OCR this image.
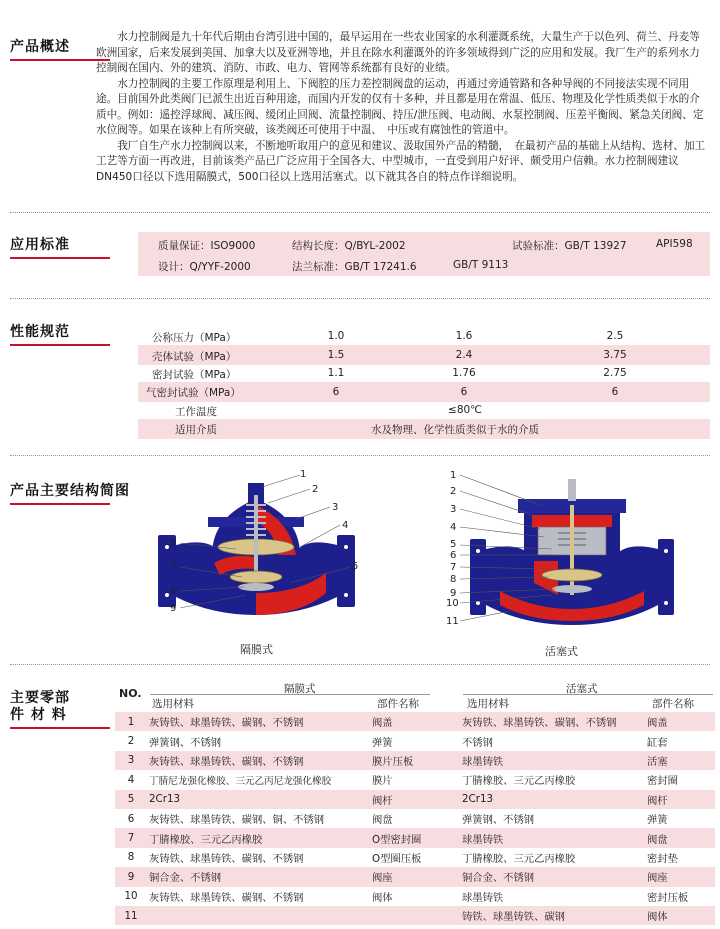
产品概述

水力控制阀是九十年代后期由台湾引进中国的，最早运用在一些农业国家的水利灌溉系统，大量生产于以色列、荷兰、丹麦等欧洲国家，后来发展到美国、加拿大以及亚洲等地，并且在除水利灌溉外的许多领域得到广泛的应用和发展。我厂生产的系列水力控制阀在国内、外的建筑、消防、市政、电力、管网等系统都有良好的业绩。

水力控制阀的主要工作原理是利用上、下阀腔的压力差控制阀盘的运动，再通过旁通管路和各种导阀的不同接法实现不同用途。目前国外此类阀门已派生出近百种用途，而国内开发的仅有十多种，并且都是用在常温、低压、物理及化学性质类似于水的介质中。例如：遥控浮球阀、减压阀、缓闭止回阀、流量控制阀、持压/泄压阀、电动阀、水泵控制阀、压差平衡阀、紧急关闭阀、定水位阀等。如果在该种上有所突破，该类阀还可使用于中温、　中压或有腐蚀性的管道中。

我厂自生产水力控制阀以来，不断地听取用户的意见和建议、汲取国外产品的精髓，　在最初产品的基础上从结构、选材、加工工艺等方面一再改进，目前该类产品已广泛应用于全国各大、中型城市，一直受到用户好评、颇受用户信赖。水力控制阀建议DN450口径以下选用隔膜式，500口径以上选用活塞式。以下就其各自的特点作详细说明。

应用标准	质量保证：ISO9000	结构长度：Q/BYL-2002	试验标准：GB/T 13927	API598
设计：Q/YYF-2000	法兰标准：GB/T 17241.6	GB/T 9113
性能规范	公称压力（MPa）	1.0	1.6	2.5
壳体试验（MPa）	1.5	2.4	3.75
密封试验（MPa）	1.1	1.76	2.75
气密封试验（MPa）	6	6	6
工作温度	≤80℃
适用介质	水及物理、化学性质类似于水的介质
产品主要结构简图
1
2
3
4
5
6
7
8
9
隔膜式
1
2
3
4
5
6
7
8
9
10
11
活塞式
主要零部
件 材 料
NO.	隔膜式	活塞式
选用材料	部件名称	选用材料	部件名称
1	灰铸铁、球墨铸铁、碳钢、不锈钢	阀盖	灰铸铁、球墨铸铁、碳钢、不锈钢	阀盖
2	弹簧钢、不锈钢	弹簧	不锈钢	缸套
3	灰铸铁、球墨铸铁、碳钢、不锈钢	膜片压板	球墨铸铁	活塞
4	丁腈尼龙强化橡胶、三元乙丙尼龙强化橡胶	膜片	丁腈橡胶、三元乙丙橡胶	密封圈
5	2Cr13	阀杆	2Cr13	阀杆
6	灰铸铁、球墨铸铁、碳钢、铜、不锈钢	阀盘	弹簧钢、不锈钢	弹簧
7	丁腈橡胶、三元乙丙橡胶	O型密封圈	球墨铸铁	阀盘
8	灰铸铁、球墨铸铁、碳钢、不锈钢	O型圈压板	丁腈橡胶、三元乙丙橡胶	密封垫
9	铜合金、不锈钢	阀座	铜合金、不锈钢	阀座
10	灰铸铁、球墨铸铁、碳钢、不锈钢	阀体	球墨铸铁	密封压板
11			铸铁、球墨铸铁、碳钢	阀体
